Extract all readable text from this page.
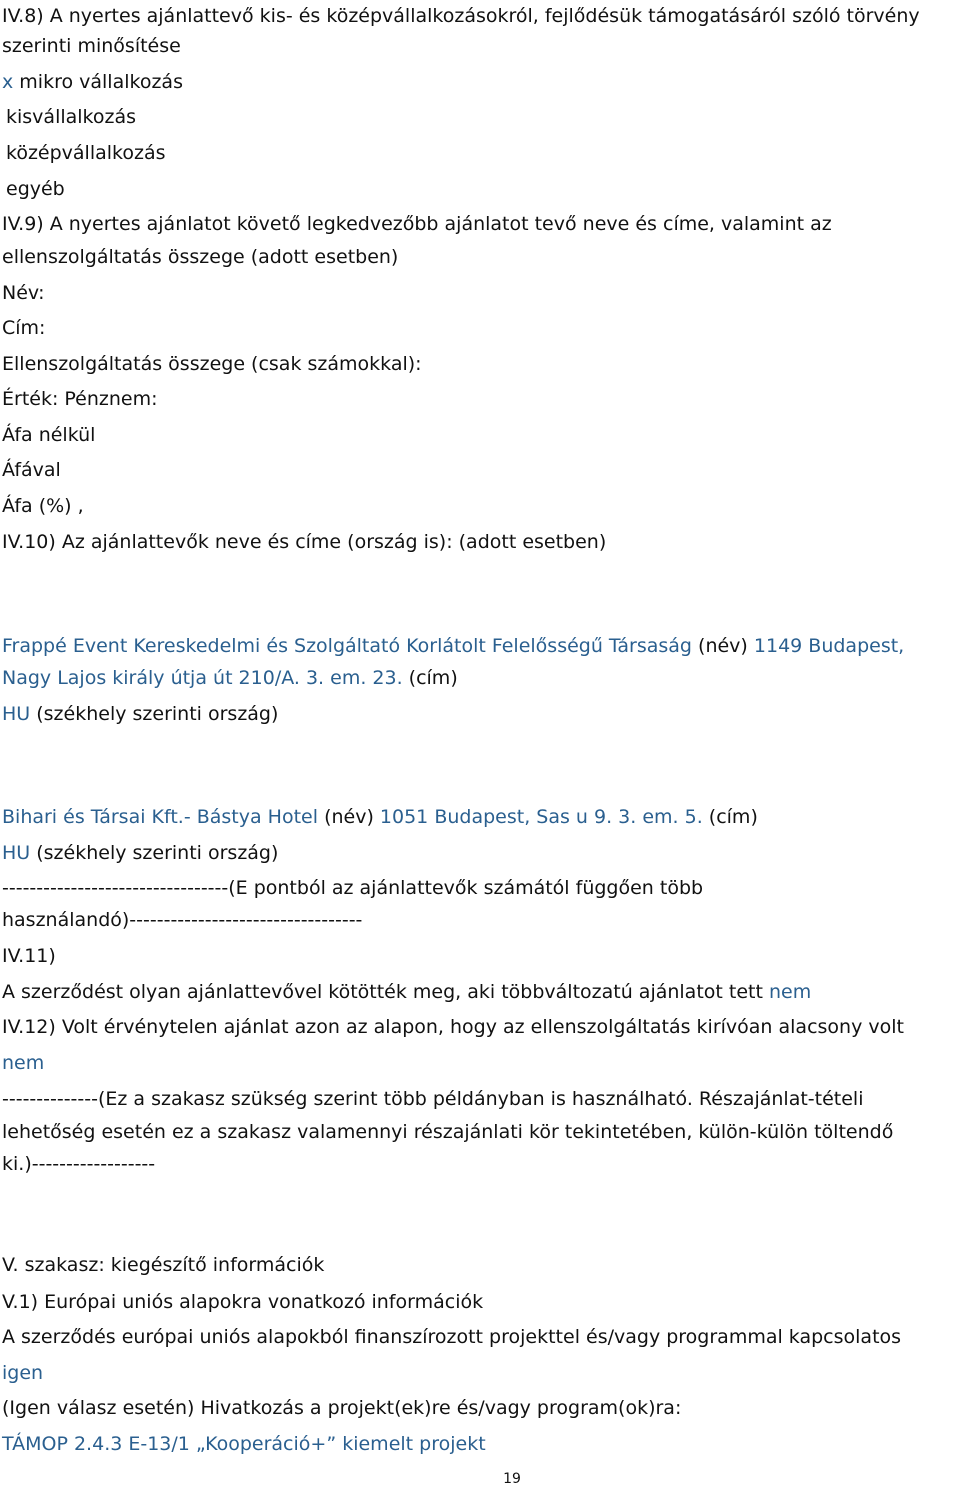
IV.8) A nyertes ajánlattevő kis- és középvállalkozásokról, fejlődésük támogatásáról szóló törvény
szerinti minősítése
x mikro vállalkozás
kisvállalkozás
középvállalkozás
egyéb
IV.9) A nyertes ajánlatot követő legkedvezőbb ajánlatot tevő neve és címe, valamint az
ellenszolgáltatás összege (adott esetben)
Név:
Cím:
Ellenszolgáltatás összege (csak számokkal):
Érték: Pénznem:
Áfa nélkül
Áfával
Áfa (%) ,
IV.10) Az ajánlattevők neve és címe (ország is): (adott esetben)
Frappé Event Kereskedelmi és Szolgáltató Korlátolt Felelősségű Társaság (név) 1149 Budapest,
Nagy Lajos király útja út 210/A. 3. em. 23. (cím)
HU (székhely szerinti ország)
Bihari és Társai Kft.- Bástya Hotel (név) 1051 Budapest, Sas u 9. 3. em. 5. (cím)
HU (székhely szerinti ország)
---------------------------------(E pontból az ajánlattevők számától függően több
használandó)----------------------------------
IV.11)
A szerződést olyan ajánlattevővel kötötték meg, aki többváltozatú ajánlatot tett nem
IV.12) Volt érvénytelen ajánlat azon az alapon, hogy az ellenszolgáltatás kirívóan alacsony volt
nem
--------------(Ez a szakasz szükség szerint több példányban is használható. Részajánlat-tételi
lehetőség esetén ez a szakasz valamennyi részajánlati kör tekintetében, külön-külön töltendő
ki.)------------------
V. szakasz: kiegészítő információk
V.1) Európai uniós alapokra vonatkozó információk
A szerződés európai uniós alapokból finanszírozott projekttel és/vagy programmal kapcsolatos
igen
(Igen válasz esetén) Hivatkozás a projekt(ek)re és/vagy program(ok)ra:
TÁMOP 2.4.3 E-13/1 „Kooperáció+” kiemelt projekt
19
